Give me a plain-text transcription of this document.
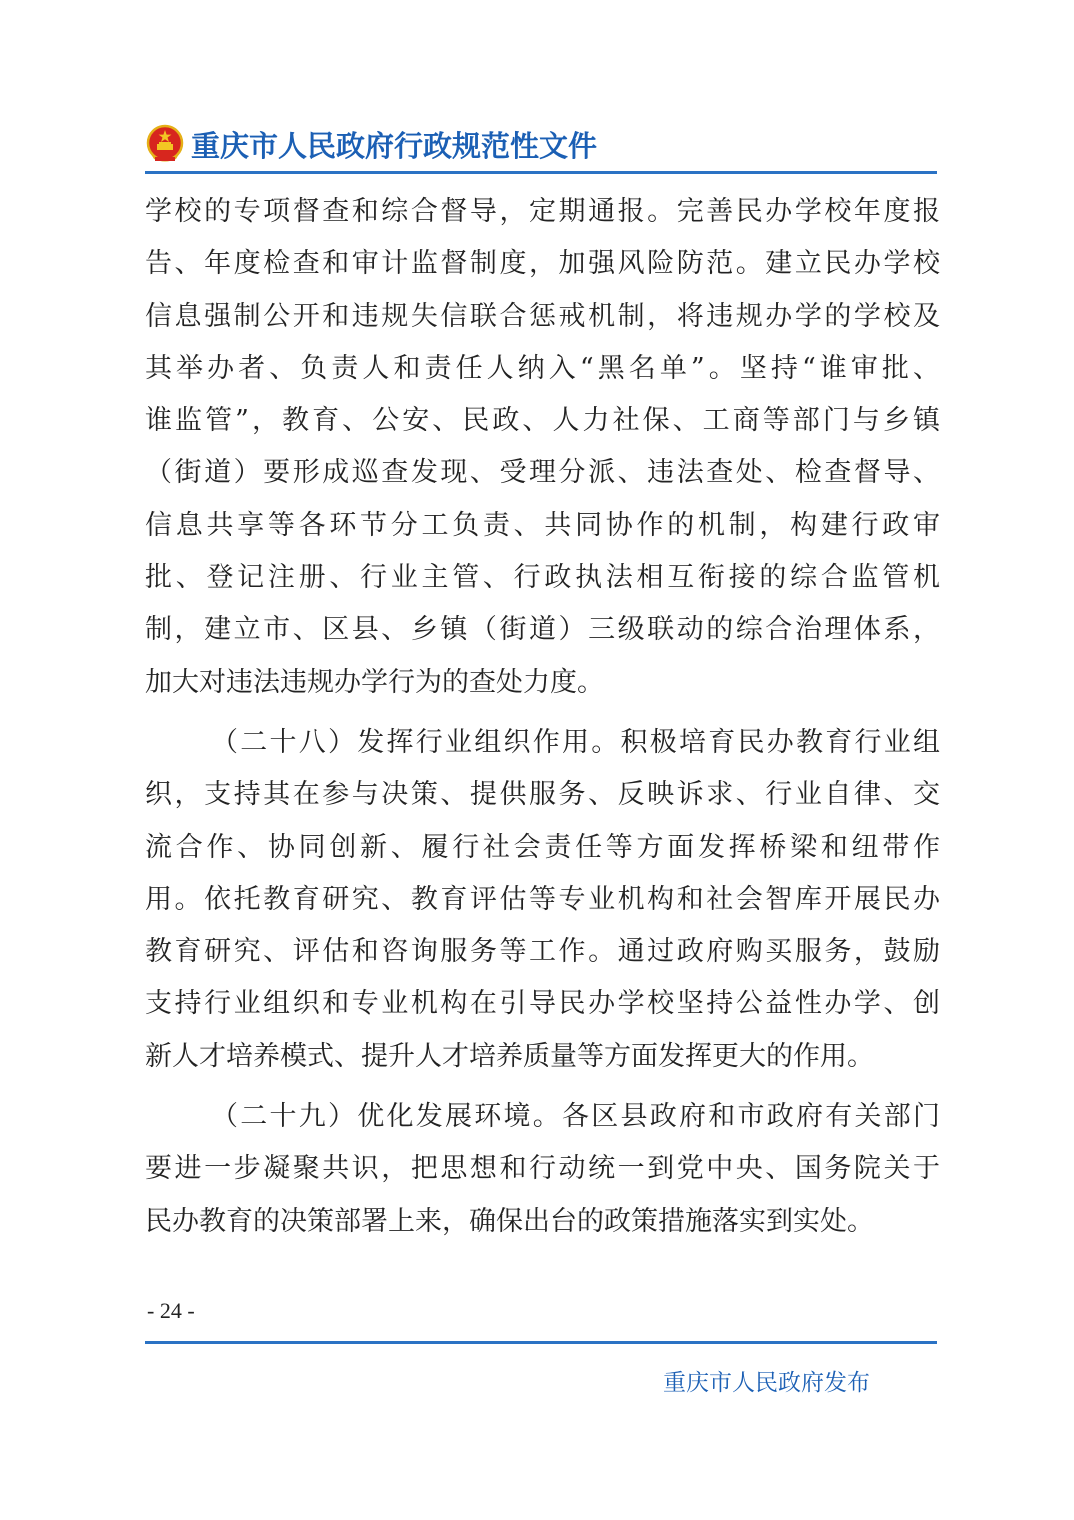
重庆市人民政府行政规范性文件
学校的专项督查和综合督导，定期通报。完善民办学校年度报
告、年度检查和审计监督制度，加强风险防范。建立民办学校
信息强制公开和违规失信联合惩戒机制，将违规办学的学校及
其举办者、负责人和责任人纳入“黑名单”。坚持“谁审批、
谁监管”，教育、公安、民政、人力社保、工商等部门与乡镇
（街道）要形成巡查发现、受理分派、违法查处、检查督导、
信息共享等各环节分工负责、共同协作的机制，构建行政审
批、登记注册、行业主管、行政执法相互衔接的综合监管机
制，建立市、区县、乡镇（街道）三级联动的综合治理体系，
加大对违法违规办学行为的查处力度。
（二十八）发挥行业组织作用。积极培育民办教育行业组
织，支持其在参与决策、提供服务、反映诉求、行业自律、交
流合作、协同创新、履行社会责任等方面发挥桥梁和纽带作
用。依托教育研究、教育评估等专业机构和社会智库开展民办
教育研究、评估和咨询服务等工作。通过政府购买服务，鼓励
支持行业组织和专业机构在引导民办学校坚持公益性办学、创
新人才培养模式、提升人才培养质量等方面发挥更大的作用。
（二十九）优化发展环境。各区县政府和市政府有关部门
要进一步凝聚共识，把思想和行动统一到党中央、国务院关于
民办教育的决策部署上来，确保出台的政策措施落实到实处。
- 24 -
重庆市人民政府发布
